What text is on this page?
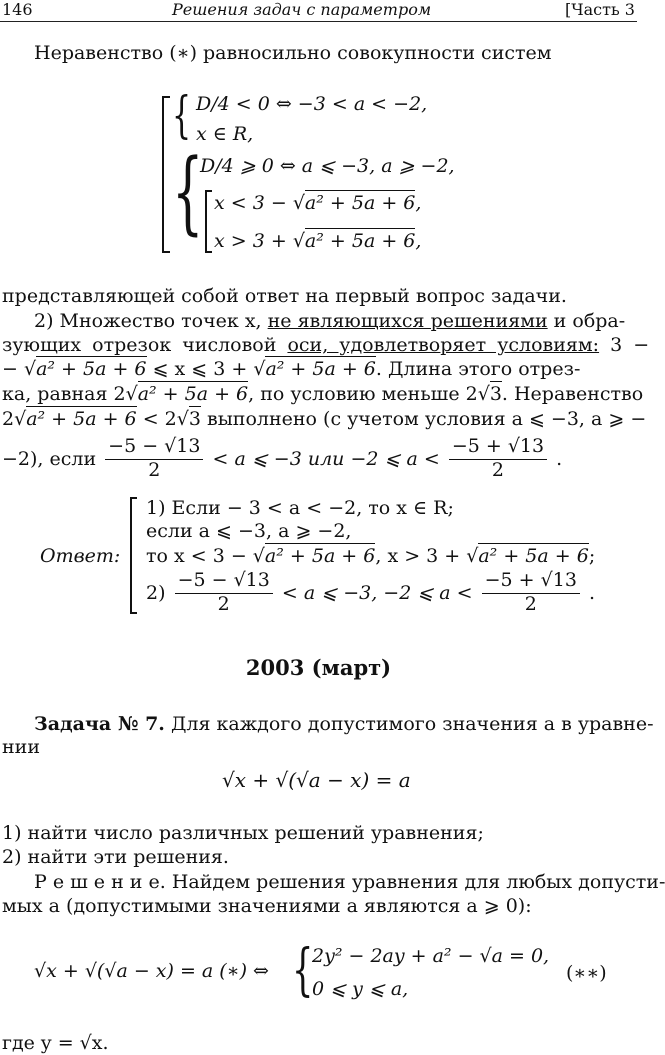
146	Решения задач с параметром	[Часть 3
Неравенство (∗) равносильно совокупности систем
{ D/4 < 0 ⇔ −3 < a < −2,
x ∈ R,
{
D/4 ⩾ 0 ⇔ a ⩽ −3, a ⩾ −2,
x < 3 − √a² + 5a + 6,
x > 3 + √a² + 5a + 6,
представляющей собой ответ на первый вопрос задачи.
2) Множество точек x, не являющихся решениями и обра-
зующих отрезок числовой оси, удовлетворяет условиям: 3 −
− √a² + 5a + 6 ⩽ x ⩽ 3 + √a² + 5a + 6. Длина этого отрез-
ка, равная 2√a² + 5a + 6, по условию меньше 2√3. Неравенство
2√a² + 5a + 6 < 2√3 выполнено (с учетом условия a ⩽ −3, a ⩾ −
−2), если $\frac{-5 - √13}{2} < a$ ⩽ −3 или −2 ⩽ $a < \frac{-5 + √13}{2}$ .
Ответ:
1) Если − 3 < a < −2, то x ∈ R;
если a ⩽ −3, a ⩾ −2,
то x < 3 − √a² + 5a + 6, x > 3 + √a² + 5a + 6;
$2) \frac{-5 - √13}{2} < a$ ⩽ −3, −2 ⩽ $a < \frac{-5 + √13}{2}$ .
2003 (март)
Задача № 7. Для каждого допустимого значения a в уравне-
нии
√x + √(√a − x) = a
1) найти число различных решений уравнения;
2) найти эти решения.
Р е ш е н и е. Найдем решения уравнения для любых допусти-
мых a (допустимыми значениями a являются a ⩾ 0):
√x + √(√a − x) = a (∗) ⇔ {
2y² − 2ay + a² − √a = 0,
0 ⩽ y ⩽ a,
(∗∗)
где y = √x.
